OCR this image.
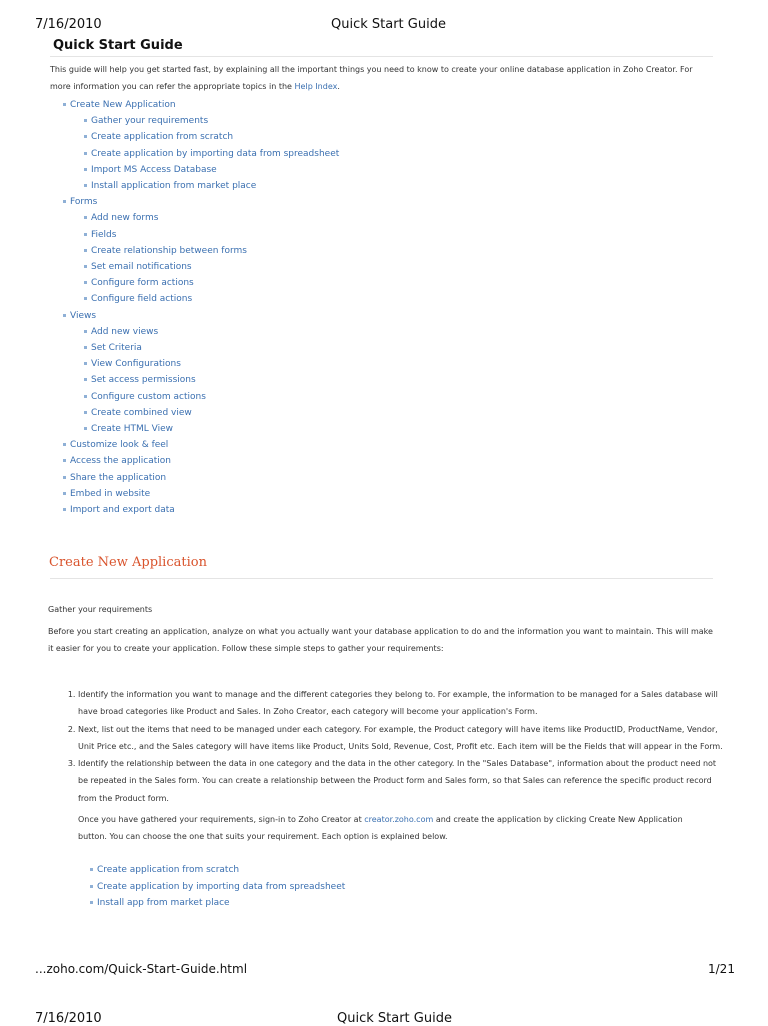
7/16/2010	Quick Start Guide
Quick Start Guide
This guide will help you get started fast, by explaining all the important things you need to know to create your online database application in Zoho Creator. For more information you can refer the appropriate topics in the Help Index.
Create New Application
Gather your requirements
Create application from scratch
Create application by importing data from spreadsheet
Import MS Access Database
Install application from market place
Forms
Add new forms
Fields
Create relationship between forms
Set email notifications
Configure form actions
Configure field actions
Views
Add new views
Set Criteria
View Configurations
Set access permissions
Configure custom actions
Create combined view
Create HTML View
Customize look & feel
Access the application
Share the application
Embed in website
Import and export data
Create New Application
Gather your requirements
Before you start creating an application, analyze on what you actually want your database application to do and the information you want to maintain. This will make it easier for you to create your application. Follow these simple steps to gather your requirements:
1. Identify the information you want to manage and the different categories they belong to. For example, the information to be managed for a Sales database will have broad categories like Product and Sales. In Zoho Creator, each category will become your application's Form.
2. Next, list out the items that need to be managed under each category. For example, the Product category will have items like ProductID, ProductName, Vendor, Unit Price etc., and the Sales category will have items like Product, Units Sold, Revenue, Cost, Profit etc. Each item will be the Fields that will appear in the Form.
3. Identify the relationship between the data in one category and the data in the other category. In the "Sales Database", information about the product need not be repeated in the Sales form. You can create a relationship between the Product form and Sales form, so that Sales can reference the specific product record from the Product form.
Once you have gathered your requirements, sign-in to Zoho Creator at creator.zoho.com and create the application by clicking Create New Application button. You can choose the one that suits your requirement. Each option is explained below.
Create application from scratch
Create application by importing data from spreadsheet
Install app from market place
...zoho.com/Quick-Start-Guide.html	1/21
7/16/2010	Quick Start Guide
